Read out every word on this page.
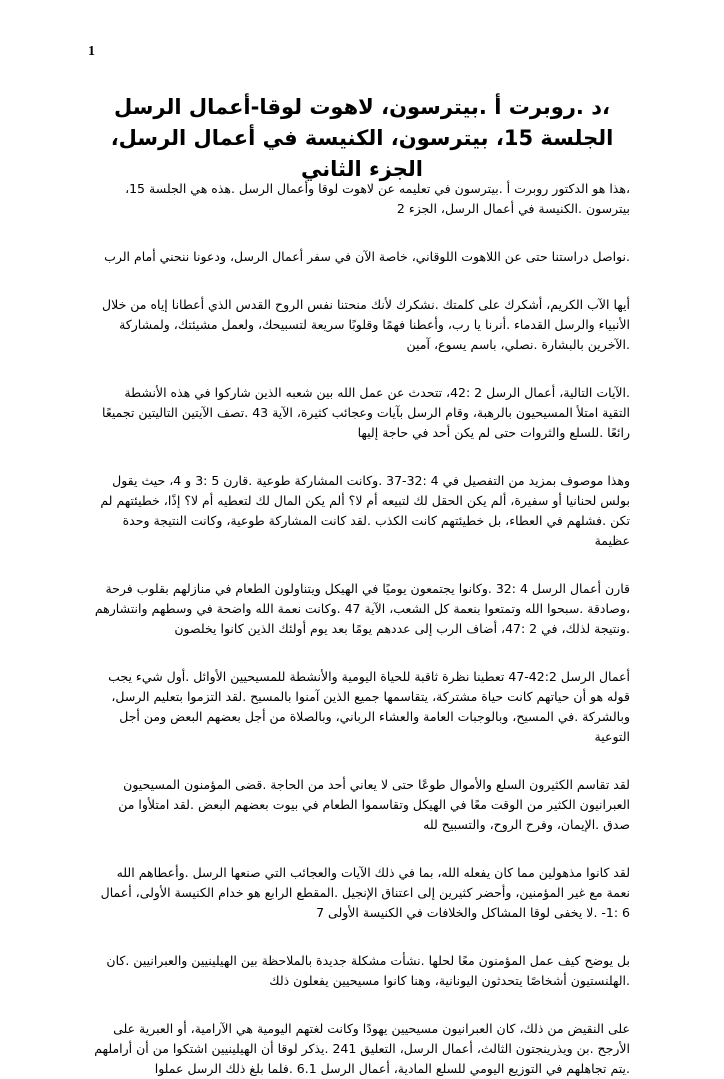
1
،د .روبرت أ .بيترسون، لاهوت لوقا-أعمال الرسل
الجلسة 15، بيترسون، الكنيسة في أعمال الرسل، الجزء الثاني

،هذا هو الدكتور روبرت أ .بيترسون في تعليمه عن لاهوت لوقا وأعمال الرسل .هذه هي الجلسة 15، بيترسون .الكنيسة في أعمال الرسل، الجزء 2

.نواصل دراستنا حتى عن اللاهوت اللوقاني، خاصة الآن في سفر أعمال الرسل، ودعونا ننحني أمام الرب

أيها الآب الكريم، أشكرك على كلمتك .نشكرك لأنك منحتنا نفس الروح القدس الذي أعطانا إياه من خلال الأنبياء والرسل القدماء .أنرنا يا رب، وأعطنا فهمًا وقلوبًا سريعة لتسبيحك، ولعمل مشيئتك، ولمشاركة .الآخرين بالبشارة .نصلي، باسم يسوع، آمين

.الآيات التالية، أعمال الرسل 2 :42، تتحدث عن عمل الله بين شعبه الذين شاركوا في هذه الأنشطة التقية امتلأ المسيحيون بالرهبة، وقام الرسل بآيات وعجائب كثيرة، الآية 43 .تصف الآيتين التاليتين تجميعًا رائعًا .للسلع والثروات حتى لم يكن أحد في حاجة إليها

وهذا موصوف بمزيد من التفصيل في 4 :32-37 .وكانت المشاركة طوعية .قارن 5 :3 و 4، حيث يقول بولس لحنانيا أو سفيرة، ألم يكن الحقل لك لتبيعه أم لا؟ ألم يكن المال لك لتعطيه أم لا؟ إذًا، خطيئتهم لم تكن .فشلهم في العطاء، بل خطيئتهم كانت الكذب .لقد كانت المشاركة طوعية، وكانت النتيجة وحدة عظيمة

قارن أعمال الرسل 4 :32 .وكانوا يجتمعون يوميًا في الهيكل ويتناولون الطعام في منازلهم بقلوب فرحة ،وصادقة .سبحوا الله وتمتعوا بنعمة كل الشعب، الآية 47 .وكانت نعمة الله واضحة في وسطهم وانتشارهم .ونتيجة لذلك، في 2 :47، أضاف الرب إلى عددهم يومًا بعد يوم أولئك الذين كانوا يخلصون

أعمال الرسل 42:2-47 تعطينا نظرة ثاقبة للحياة اليومية والأنشطة للمسيحيين الأوائل .أول شيء يجب قوله هو أن حياتهم كانت حياة مشتركة، يتقاسمها جميع الذين آمنوا بالمسيح .لقد التزموا بتعليم الرسل، وبالشركة .في المسيح، وبالوجبات العامة والعشاء الرباني، وبالصلاة من أجل بعضهم البعض ومن أجل التوعية

لقد تقاسم الكثيرون السلع والأموال طوعًا حتى لا يعاني أحد من الحاجة .قضى المؤمنون المسيحيون العبرانيون الكثير من الوقت معًا في الهيكل وتقاسموا الطعام في بيوت بعضهم البعض .لقد امتلأوا من صدق .الإيمان، وفرح الروح، والتسبيح لله

لقد كانوا مذهولين مما كان يفعله الله، بما في ذلك الآيات والعجائب التي صنعها الرسل .وأعطاهم الله نعمة مع غير المؤمنين، وأحضر كثيرين إلى اعتناق الإنجيل .المقطع الرابع هو خدام الكنيسة الأولى، أعمال 6 :1- .لا يخفى لوقا المشاكل والخلافات في الكنيسة الأولى 7

بل يوضح كيف عمل المؤمنون معًا لحلها .نشأت مشكلة جديدة بالملاحظة بين الهيلينيين والعبرانيين .كان .الهلنستيون أشخاصًا يتحدثون اليونانية، وهنا كانوا مسيحيين يفعلون ذلك

على النقيض من ذلك، كان العبرانيون مسيحيين يهودًا وكانت لغتهم اليومية هي الآرامية، أو العبرية على الأرجح .بن ويذرينجتون الثالث، أعمال الرسل، التعليق 241 .يذكر لوقا أن الهيلينيين اشتكوا من أن أراملهم .يتم تجاهلهم في التوزيع اليومي للسلع المادية، أعمال الرسل 6.1 .فلما بلغ ذلك الرسل عملوا
